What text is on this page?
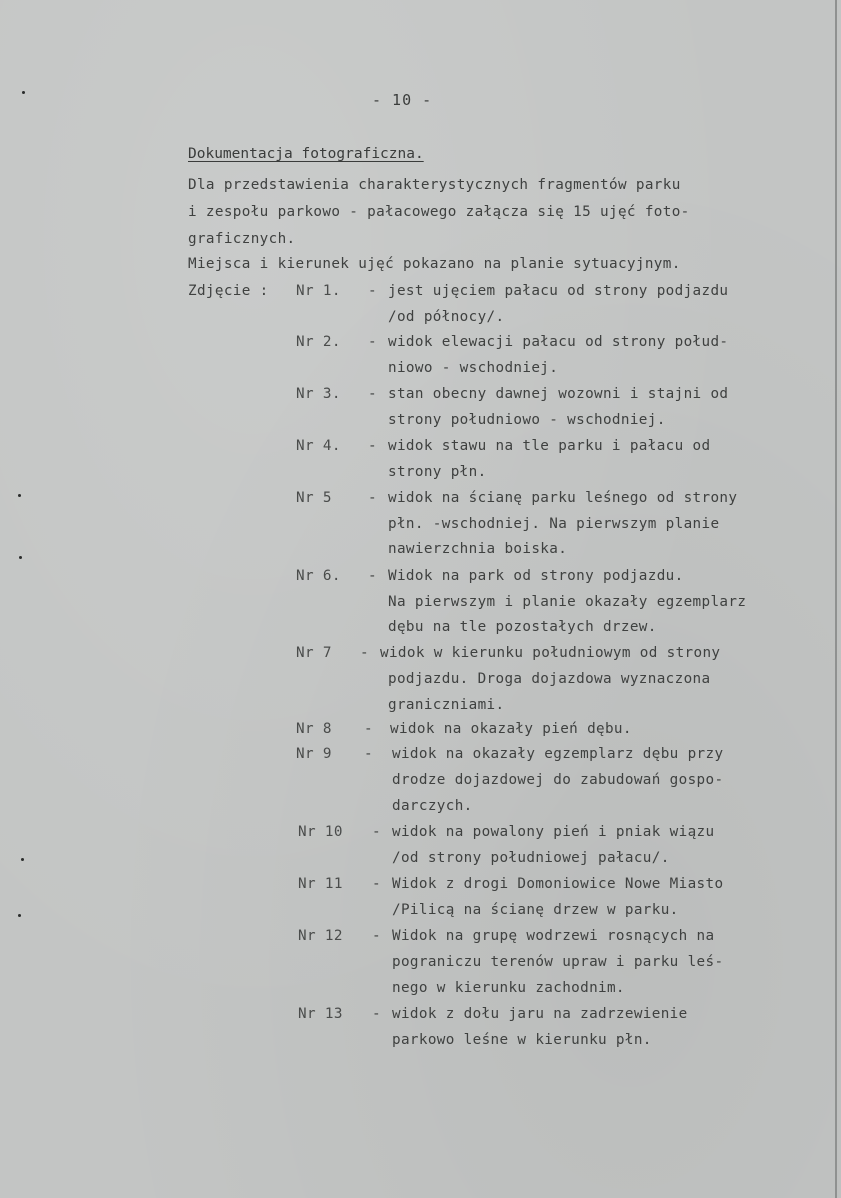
- 10 -
Dokumentacja fotograficzna.
Dla przedstawienia charakterystycznych fragmentów parku
i zespołu parkowo - pałacowego załącza się 15 ujęć foto-
graficznych.
Miejsca i kierunek ujęć pokazano na planie sytuacyjnym.
Zdjęcie : Nr 1. - jest ujęciem pałacu od strony podjazdu
/od północy/.
Nr 2. - widok elewacji pałacu od strony połud-
niowo - wschodniej.
Nr 3. - stan obecny dawnej wozowni i stajni od
strony południowo - wschodniej.
Nr 4. - widok stawu na tle parku i pałacu od
strony płn.
Nr 5	- widok na ścianę parku leśnego od strony
płn. -wschodniej. Na pierwszym planie
nawierzchnia boiska.
Nr 6. - Widok na park od strony podjazdu.
Na pierwszym i planie okazały egzemplarz
dębu na tle pozostałych drzew.
Nr 7 - widok w kierunku południowym od strony
podjazdu. Droga dojazdowa wyznaczona
graniczniami.
Nr 8 - widok na okazały pień dębu.
Nr 9 - widok na okazały egzemplarz dębu przy
drodze dojazdowej do zabudowań gospo-
darczych.
Nr 10 - widok na powalony pień i pniak wiązu
/od strony południowej pałacu/.
Nr 11 - Widok z drogi Domoniowice Nowe Miasto
/Pilicą na ścianę drzew w parku.
Nr 12 - Widok na grupę wodrzewi rosnących na
pograniczu terenów upraw i parku leś-
nego w kierunku zachodnim.
Nr 13 - widok z dołu jaru na zadrzewienie
parkowo leśne w kierunku płn.
